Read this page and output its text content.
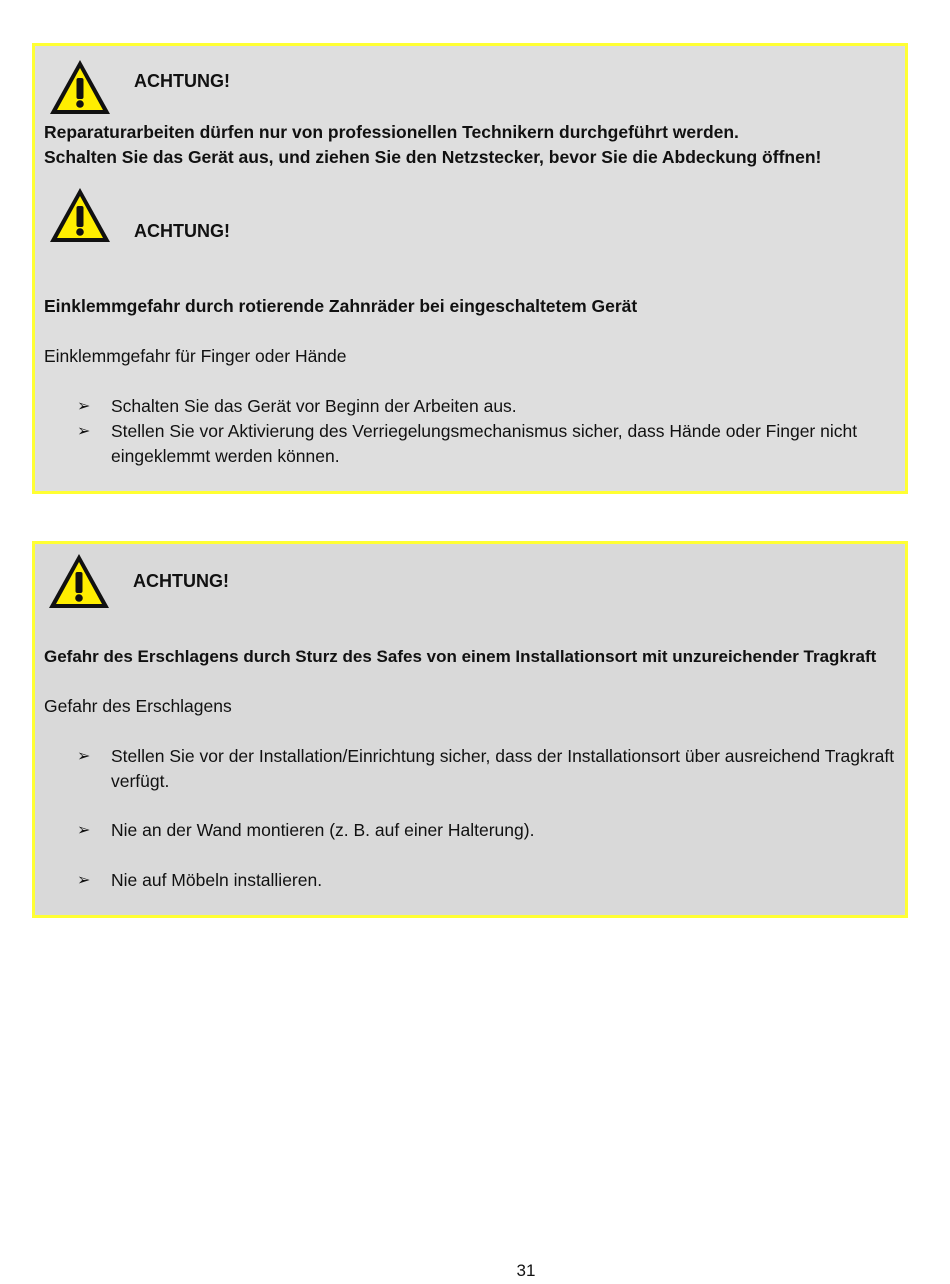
ACHTUNG!
Reparaturarbeiten dürfen nur von professionellen Technikern durchgeführt werden.
Schalten Sie das Gerät aus, und ziehen Sie den Netzstecker, bevor Sie die Abdeckung öffnen!
ACHTUNG!
Einklemmgefahr durch rotierende Zahnräder bei eingeschaltetem Gerät
Einklemmgefahr für Finger oder Hände
➢ Schalten Sie das Gerät vor Beginn der Arbeiten aus.
➢ Stellen Sie vor Aktivierung des Verriegelungsmechanismus sicher, dass Hände oder Finger nicht eingeklemmt werden können.
ACHTUNG!
Gefahr des Erschlagens durch Sturz des Safes von einem Installationsort mit unzureichender Tragkraft
Gefahr des Erschlagens
➢ Stellen Sie vor der Installation/Einrichtung sicher, dass der Installationsort über ausreichend Tragkraft verfügt.
➢ Nie an der Wand montieren (z. B. auf einer Halterung).
➢ Nie auf Möbeln installieren.
31
